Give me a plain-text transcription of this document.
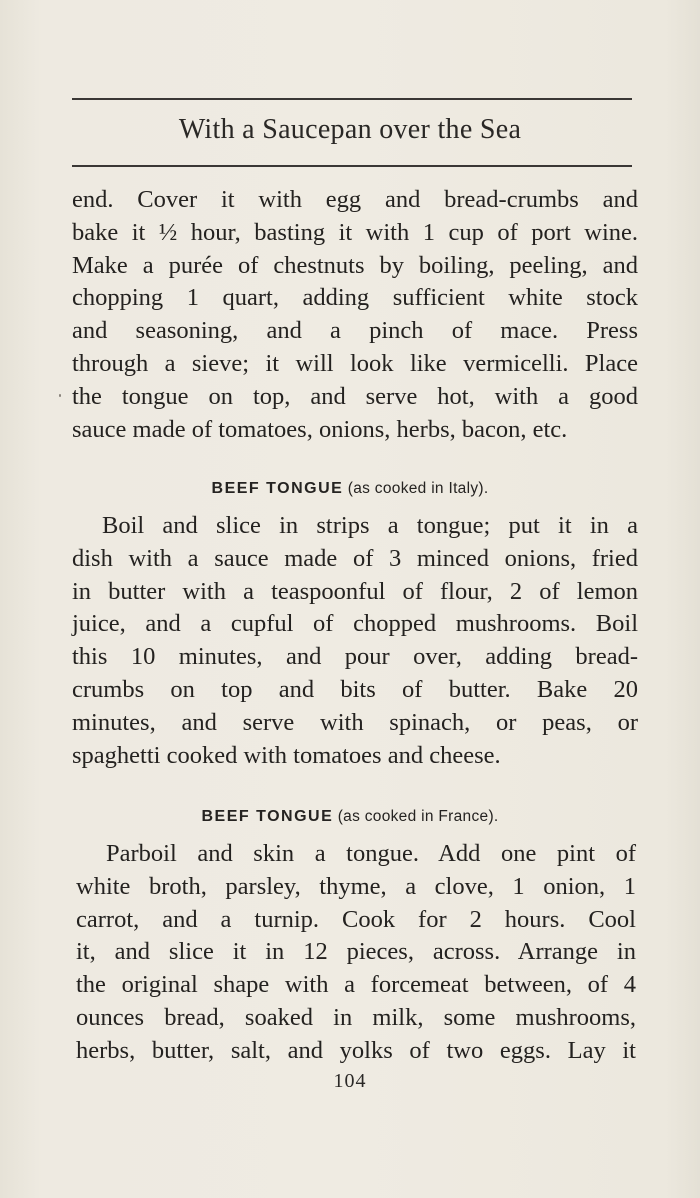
With a Saucepan over the Sea
end. Cover it with egg and bread-crumbs and
bake it ½ hour, basting it with 1 cup of port wine.
Make a purée of chestnuts by boiling, peeling, and
chopping 1 quart, adding sufficient white stock
and seasoning, and a pinch of mace. Press
through a sieve; it will look like vermicelli. Place
the tongue on top, and serve hot, with a good
sauce made of tomatoes, onions, herbs, bacon, etc.
BEEF TONGUE (as cooked in Italy).
Boil and slice in strips a tongue; put it in a
dish with a sauce made of 3 minced onions, fried
in butter with a teaspoonful of flour, 2 of lemon
juice, and a cupful of chopped mushrooms. Boil
this 10 minutes, and pour over, adding bread-
crumbs on top and bits of butter. Bake 20
minutes, and serve with spinach, or peas, or
spaghetti cooked with tomatoes and cheese.
BEEF TONGUE (as cooked in France).
Parboil and skin a tongue. Add one pint of
white broth, parsley, thyme, a clove, 1 onion, 1
carrot, and a turnip. Cook for 2 hours. Cool
it, and slice it in 12 pieces, across. Arrange in
the original shape with a forcemeat between, of 4
ounces bread, soaked in milk, some mushrooms,
herbs, butter, salt, and yolks of two eggs. Lay it
104
